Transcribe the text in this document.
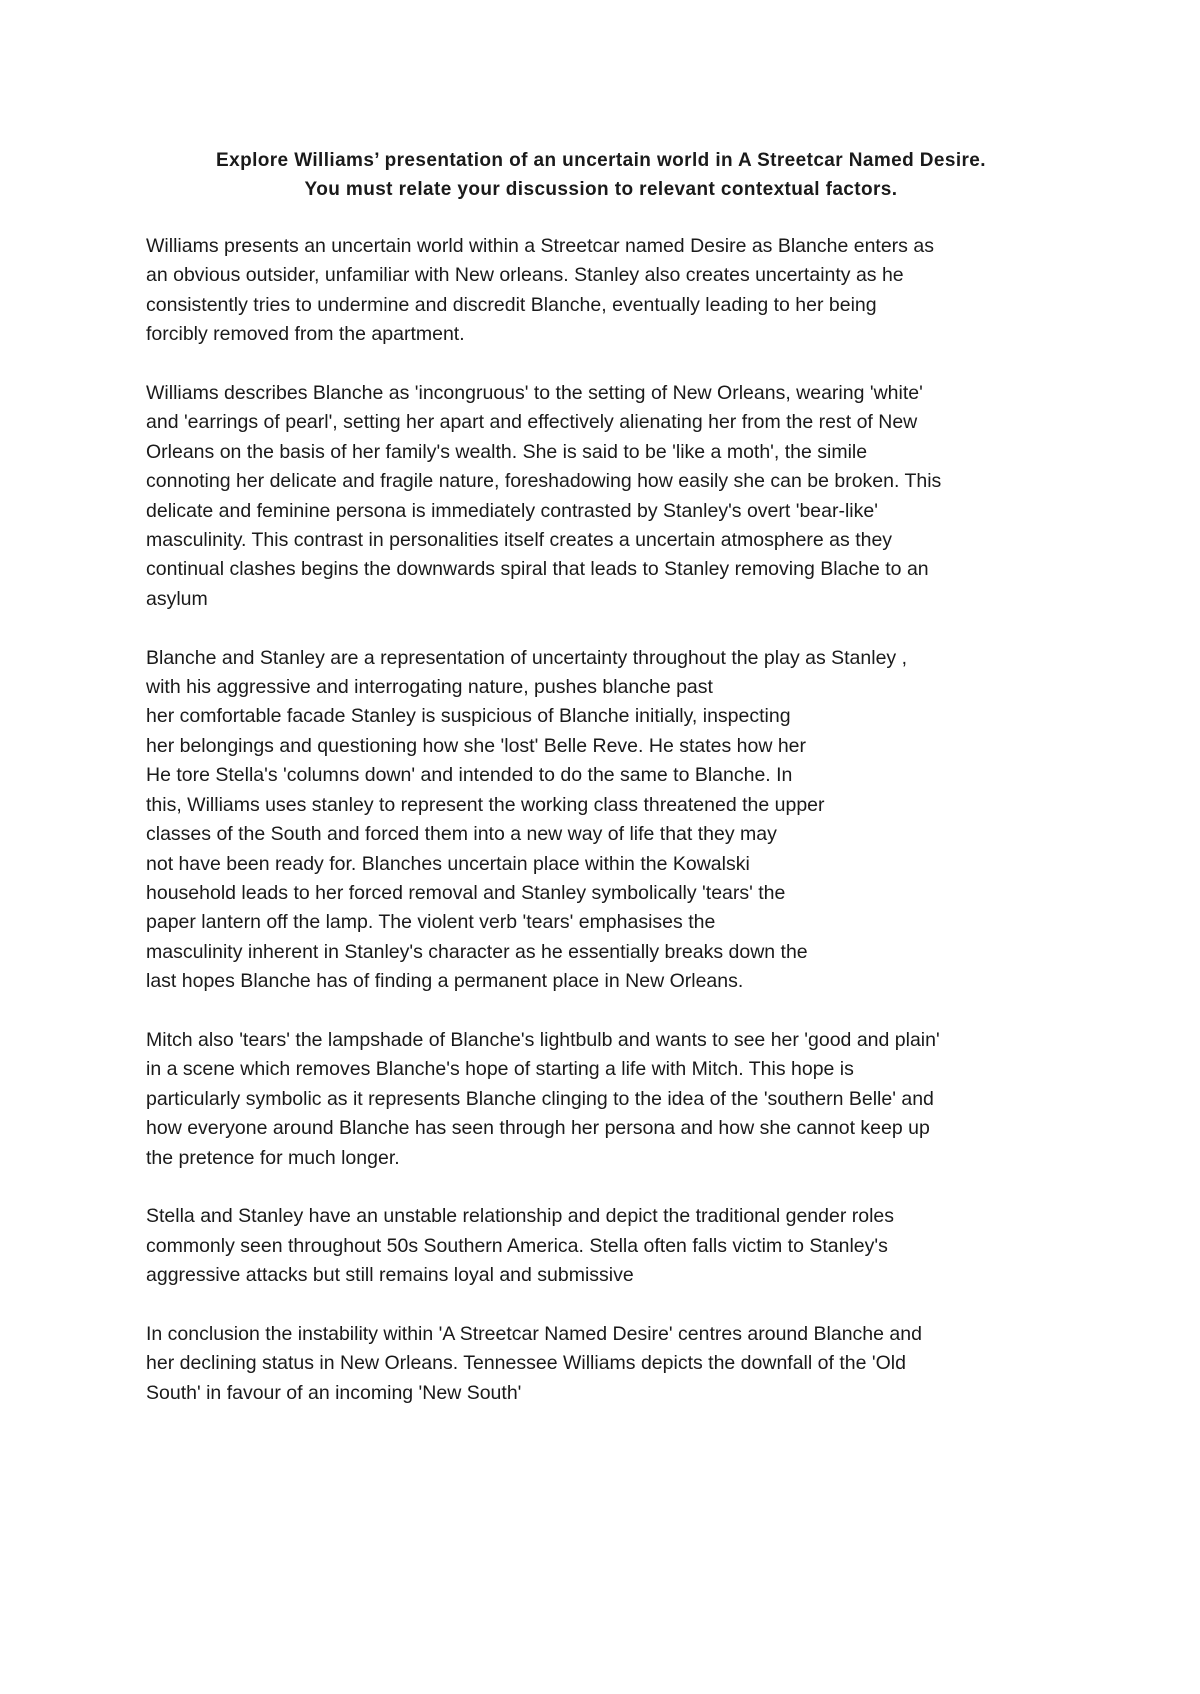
Explore Williams’ presentation of an uncertain world in A Streetcar Named Desire.
You must relate your discussion to relevant contextual factors.

Williams presents an uncertain world within a Streetcar named Desire as Blanche enters as
an obvious outsider, unfamiliar with New orleans. Stanley also creates uncertainty as he
consistently tries to undermine and discredit Blanche, eventually leading to her being
forcibly removed from the apartment.

Williams describes Blanche as 'incongruous' to the setting of New Orleans, wearing 'white'
and 'earrings of pearl', setting her apart and effectively alienating her from the rest of New
Orleans on the basis of her family's wealth. She is said to be 'like a moth', the simile
connoting her delicate and fragile nature, foreshadowing how easily she can be broken. This
delicate and feminine persona is immediately contrasted by Stanley's overt 'bear-like'
masculinity. This contrast in personalities itself creates a uncertain atmosphere as they
continual clashes begins the downwards spiral that leads to Stanley removing Blache to an
asylum

Blanche and Stanley are a representation of uncertainty throughout the play as Stanley ,
with his aggressive and interrogating nature, pushes blanche past
her comfortable facade Stanley is suspicious of Blanche initially, inspecting
her belongings and questioning how she 'lost' Belle Reve. He states how her
He tore Stella's 'columns down' and intended to do the same to Blanche. In
this, Williams uses stanley to represent the working class threatened the upper
classes of the South and forced them into a new way of life that they may
not have been ready for. Blanches uncertain place within the Kowalski
household leads to her forced removal and Stanley symbolically 'tears' the
paper lantern off the lamp. The violent verb 'tears' emphasises the
masculinity inherent in Stanley's character as he essentially breaks down the
last hopes Blanche has of finding a permanent place in New Orleans.

Mitch also 'tears' the lampshade of Blanche's lightbulb and wants to see her 'good and plain'
in a scene which removes Blanche's hope of starting a life with Mitch. This hope is
particularly symbolic as it represents Blanche clinging to the idea of the 'southern Belle' and
how everyone around Blanche has seen through her persona and how she cannot keep up
the pretence for much longer.

Stella and Stanley have an unstable relationship and depict the traditional gender roles
commonly seen throughout 50s Southern America. Stella often falls victim to Stanley's
aggressive attacks but still remains loyal and submissive

In conclusion the instability within 'A Streetcar Named Desire' centres around Blanche and
her declining status in New Orleans. Tennessee Williams depicts the downfall of the 'Old
South' in favour of an incoming 'New South'
